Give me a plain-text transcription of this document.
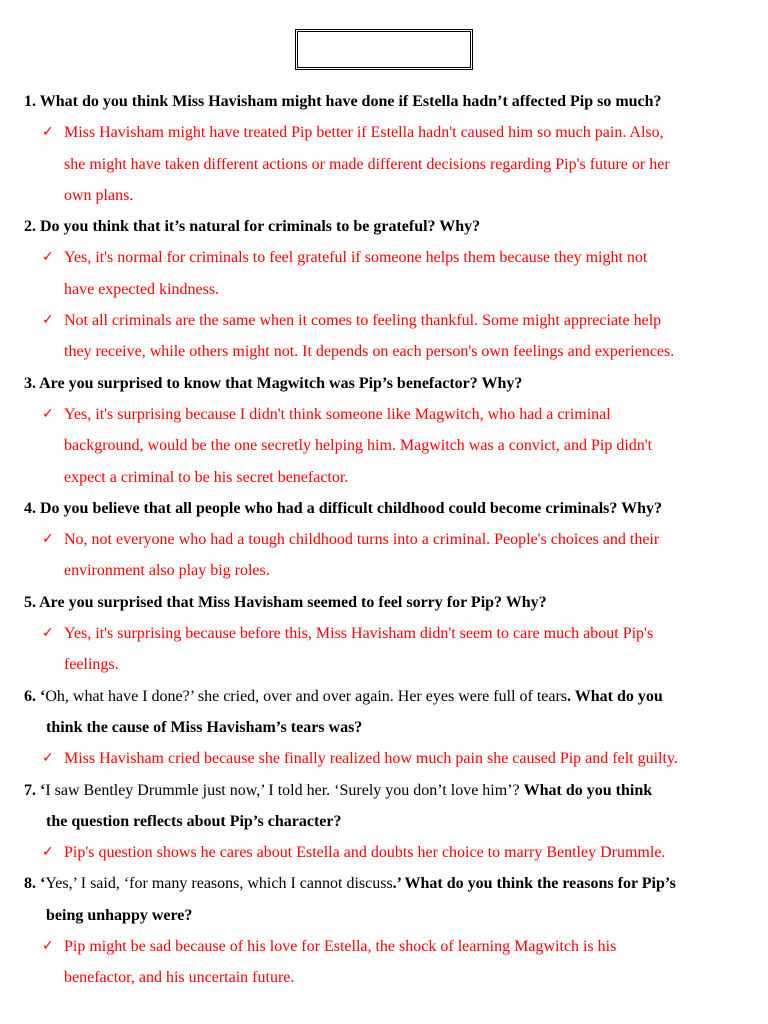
1. What do you think Miss Havisham might have done if Estella hadn’t affected Pip so much?
✓ Miss Havisham might have treated Pip better if Estella hadn't caused him so much pain. Also,
she might have taken different actions or made different decisions regarding Pip's future or her
own plans.
2. Do you think that it’s natural for criminals to be grateful? Why?
✓ Yes, it's normal for criminals to feel grateful if someone helps them because they might not
have expected kindness.
✓ Not all criminals are the same when it comes to feeling thankful. Some might appreciate help
they receive, while others might not. It depends on each person's own feelings and experiences.
3. Are you surprised to know that Magwitch was Pip’s benefactor? Why?
✓ Yes, it's surprising because I didn't think someone like Magwitch, who had a criminal
background, would be the one secretly helping him. Magwitch was a convict, and Pip didn't
expect a criminal to be his secret benefactor.
4. Do you believe that all people who had a difficult childhood could become criminals? Why?
✓ No, not everyone who had a tough childhood turns into a criminal. People's choices and their
environment also play big roles.
5. Are you surprised that Miss Havisham seemed to feel sorry for Pip? Why?
✓ Yes, it's surprising because before this, Miss Havisham didn't seem to care much about Pip's
feelings.
6. ‘Oh, what have I done?’ she cried, over and over again. Her eyes were full of tears. What do you
think the cause of Miss Havisham’s tears was?
✓ Miss Havisham cried because she finally realized how much pain she caused Pip and felt guilty.
7. ‘I saw Bentley Drummle just now,’ I told her. ‘Surely you don’t love him’? What do you think
the question reflects about Pip’s character?
✓ Pip's question shows he cares about Estella and doubts her choice to marry Bentley Drummle.
8. ‘Yes,’ I said, ‘for many reasons, which I cannot discuss.’ What do you think the reasons for Pip’s
being unhappy were?
✓ Pip might be sad because of his love for Estella, the shock of learning Magwitch is his
benefactor, and his uncertain future.
